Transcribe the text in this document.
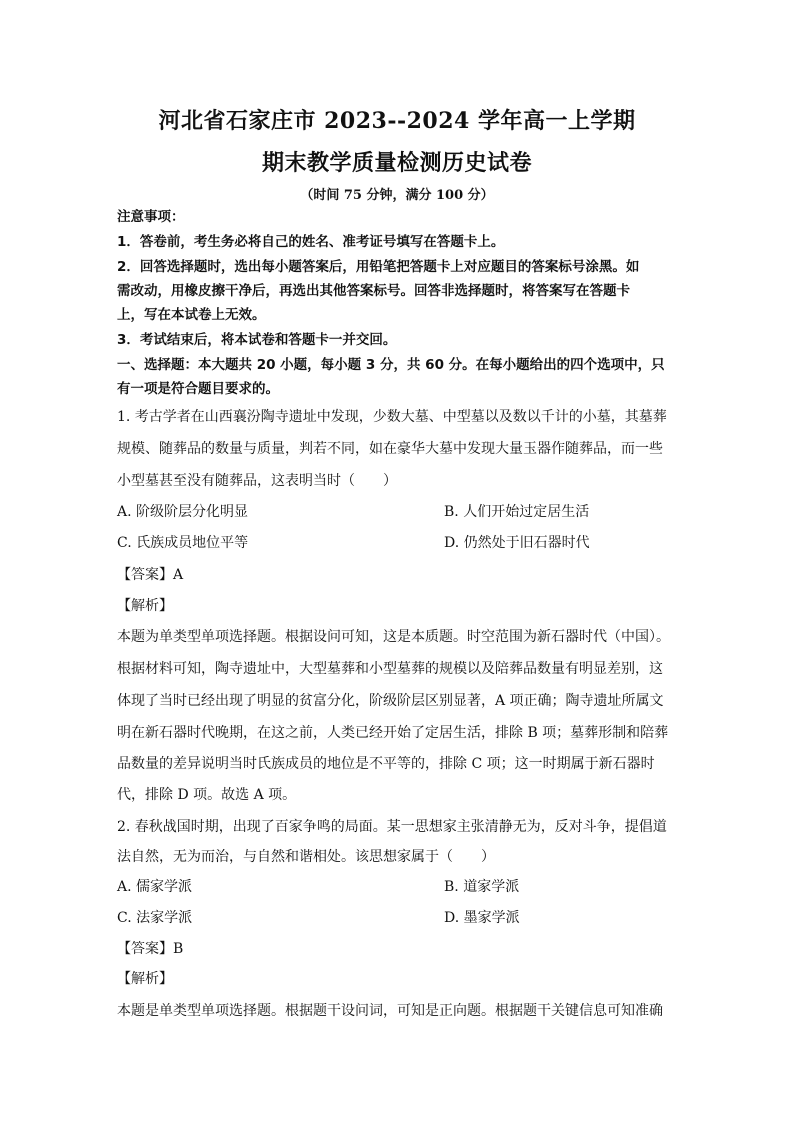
河北省石家庄市 2023--2024 学年高一上学期
期末教学质量检测历史试卷
（时间 75 分钟，满分 100 分）
注意事项：
1．答卷前，考生务必将自己的姓名、准考证号填写在答题卡上。
2．回答选择题时，选出每小题答案后，用铅笔把答题卡上对应题目的答案标号涂黑。如
需改动，用橡皮擦干净后，再选出其他答案标号。回答非选择题时，将答案写在答题卡
上，写在本试卷上无效。
3．考试结束后，将本试卷和答题卡一并交回。
一、选择题：本大题共 20 小题，每小题 3 分，共 60 分。在每小题给出的四个选项中，只
有一项是符合题目要求的。
1. 考古学者在山西襄汾陶寺遗址中发现，少数大墓、中型墓以及数以千计的小墓，其墓葬
规模、随葬品的数量与质量，判若不同，如在豪华大墓中发现大量玉器作随葬品，而一些
小型墓甚至没有随葬品，这表明当时（　　）
A. 阶级阶层分化明显	B. 人们开始过定居生活
C. 氏族成员地位平等	D. 仍然处于旧石器时代
【答案】A
【解析】
本题为单类型单项选择题。根据设问可知，这是本质题。时空范围为新石器时代（中国）。
根据材料可知，陶寺遗址中，大型墓葬和小型墓葬的规模以及陪葬品数量有明显差别，这
体现了当时已经出现了明显的贫富分化，阶级阶层区别显著，A 项正确；陶寺遗址所属文
明在新石器时代晚期，在这之前，人类已经开始了定居生活，排除 B 项；墓葬形制和陪葬
品数量的差异说明当时氏族成员的地位是不平等的，排除 C 项；这一时期属于新石器时
代，排除 D 项。故选 A 项。
2. 春秋战国时期，出现了百家争鸣的局面。某一思想家主张清静无为，反对斗争，提倡道
法自然，无为而治，与自然和谐相处。该思想家属于（　　）
A. 儒家学派	B. 道家学派
C. 法家学派	D. 墨家学派
【答案】B
【解析】
本题是单类型单项选择题。根据题干设问词，可知是正向题。根据题干关键信息可知准确
